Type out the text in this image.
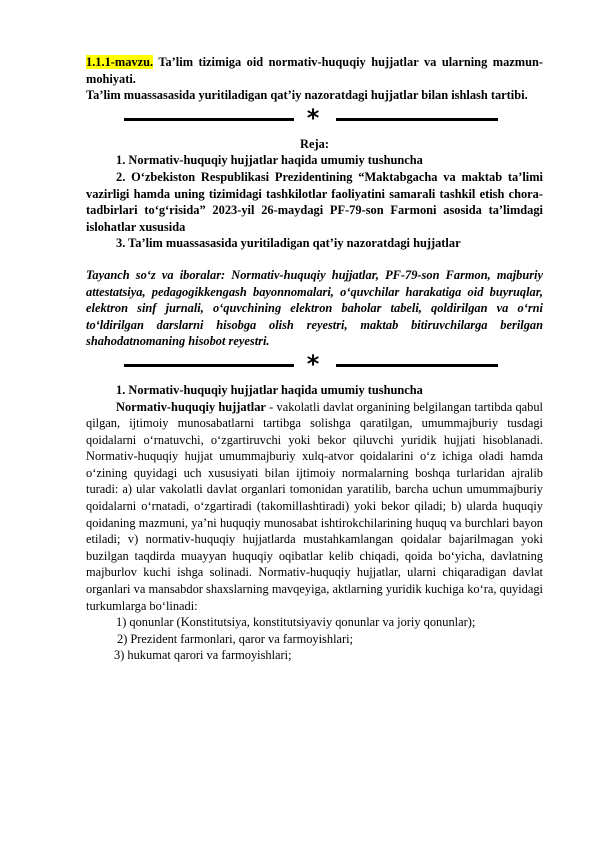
1.1.1-mavzu. Ta’lim tizimiga oid normativ-huquqiy hujjatlar va ularning mazmun-mohiyati.

Ta’lim muassasasida yuritiladigan qat’iy nazoratdagi hujjatlar bilan ishlash tartibi.

*

Reja:

1. Normativ-huquqiy hujjatlar haqida umumiy tushuncha

2. O‘zbekiston Respublikasi Prezidentining “Maktabgacha va maktab ta’limi vazirligi hamda uning tizimidagi tashkilotlar faoliyatini samarali tashkil etish chora-tadbirlari to‘g‘risida” 2023-yil 26-maydagi PF-79-son Farmoni asosida ta’limdagi islohatlar xususida

3. Ta’lim muassasasida yuritiladigan qat’iy nazoratdagi hujjatlar

Tayanch so‘z va iboralar: Normativ-huquqiy hujjatlar, PF-79-son Farmon, majburiy attestatsiya, pedagogikkengash bayonnomalari, o‘quvchilar harakatiga oid buyruqlar, elektron sinf jurnali, o‘quvchining elektron baholar tabeli, qoldirilgan va o‘rni to‘ldirilgan darslarni hisobga olish reyestri, maktab bitiruvchilarga berilgan shahodatnomaning hisobot reyestri.

*

1. Normativ-huquqiy hujjatlar haqida umumiy tushuncha

Normativ-huquqiy hujjatlar - vakolatli davlat organining belgilangan tartibda qabul qilgan, ijtimoiy munosabatlarni tartibga solishga qaratilgan, umummajburiy tusdagi qoidalarni o‘rnatuvchi, o‘zgartiruvchi yoki bekor qiluvchi yuridik hujjati hisoblanadi. Normativ-huquqiy hujjat umummajburiy xulq-atvor qoidalarini o‘z ichiga oladi hamda o‘zining quyidagi uch xususiyati bilan ijtimoiy normalarning boshqa turlaridan ajralib turadi: a) ular vakolatli davlat organlari tomonidan yaratilib, barcha uchun umummajburiy qoidalarni o‘rnatadi, o‘zgartiradi (takomillashtiradi) yoki bekor qiladi; b) ularda huquqiy qoidaning mazmuni, ya’ni huquqiy munosabat ishtirokchilarining huquq va burchlari bayon etiladi; v) normativ-huquqiy hujjatlarda mustahkamlangan qoidalar bajarilmagan yoki buzilgan taqdirda muayyan huquqiy oqibatlar kelib chiqadi, qoida bo‘yicha, davlatning majburlov kuchi ishga solinadi. Normativ-huquqiy hujjatlar, ularni chiqaradigan davlat organlari va mansabdor shaxslarning mavqeyiga, aktlarning yuridik kuchiga ko‘ra, quyidagi turkumlarga bo‘linadi:

1) qonunlar (Konstitutsiya, konstitutsiyaviy qonunlar va joriy qonunlar);

2) Prezident farmonlari, qaror va farmoyishlari;

3) hukumat qarori va farmoyishlari;
